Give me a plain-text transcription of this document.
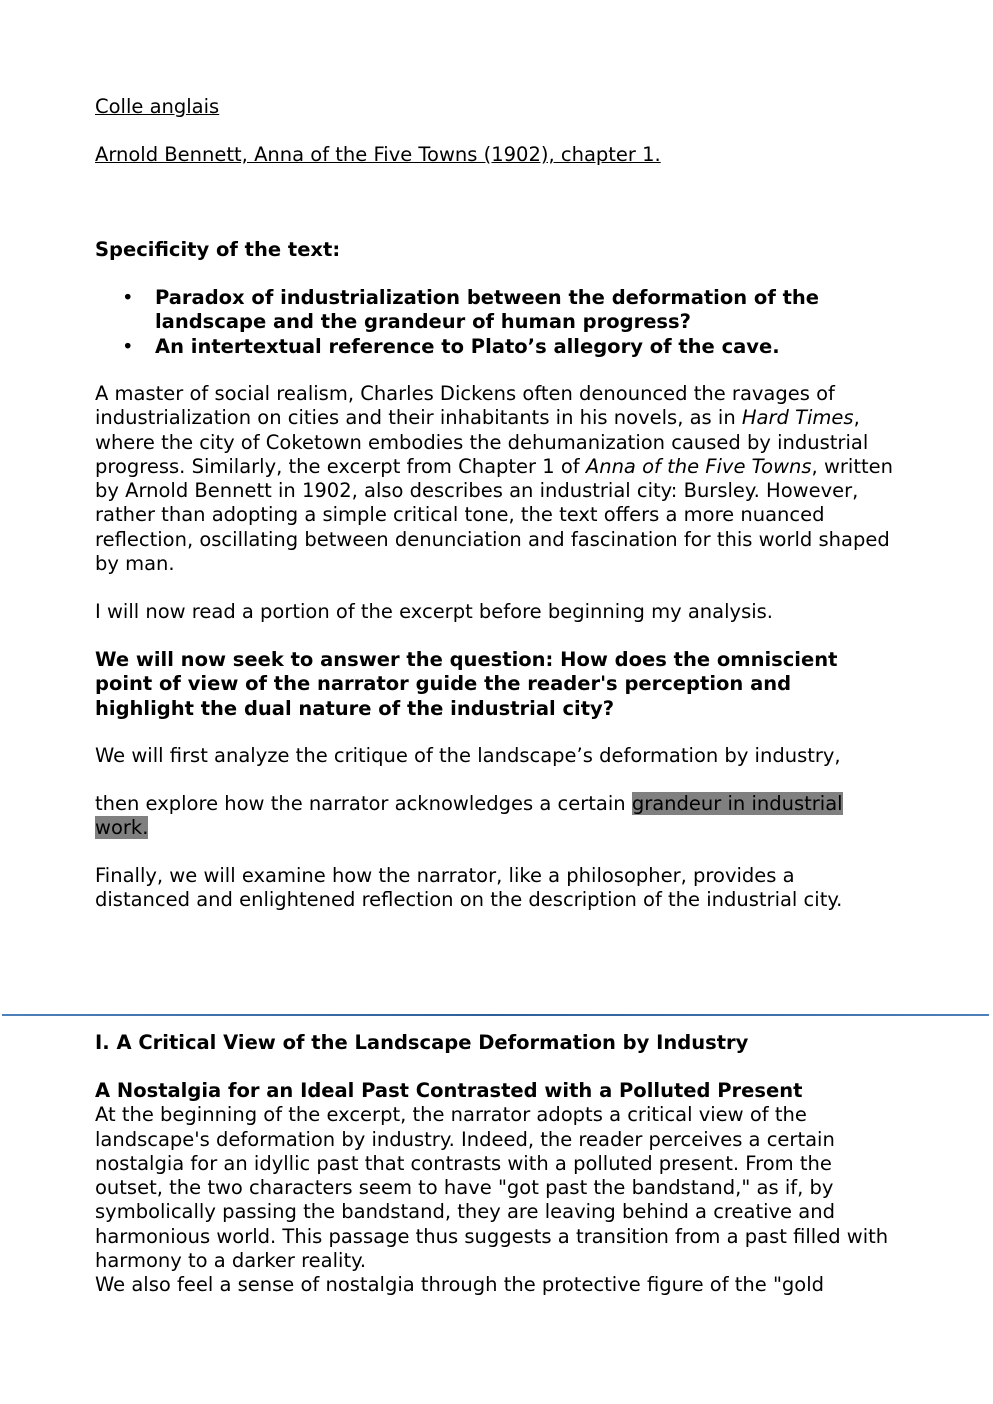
Colle anglais

Arnold Bennett, Anna of the Five Towns (1902), chapter 1.

Specificity of the text:

• Paradox of industrialization between the deformation of the landscape and the grandeur of human progress?
• An intertextual reference to Plato’s allegory of the cave.

A master of social realism, Charles Dickens often denounced the ravages of industrialization on cities and their inhabitants in his novels, as in Hard Times, where the city of Coketown embodies the dehumanization caused by industrial progress. Similarly, the excerpt from Chapter 1 of Anna of the Five Towns, written by Arnold Bennett in 1902, also describes an industrial city: Bursley. However, rather than adopting a simple critical tone, the text offers a more nuanced reflection, oscillating between denunciation and fascination for this world shaped by man.

I will now read a portion of the excerpt before beginning my analysis.

We will now seek to answer the question: How does the omniscient point of view of the narrator guide the reader's perception and highlight the dual nature of the industrial city?

We will first analyze the critique of the landscape’s deformation by industry,

then explore how the narrator acknowledges a certain grandeur in industrial work.

Finally, we will examine how the narrator, like a philosopher, provides a distanced and enlightened reflection on the description of the industrial city.

I. A Critical View of the Landscape Deformation by Industry

A Nostalgia for an Ideal Past Contrasted with a Polluted Present

At the beginning of the excerpt, the narrator adopts a critical view of the landscape's deformation by industry. Indeed, the reader perceives a certain nostalgia for an idyllic past that contrasts with a polluted present. From the outset, the two characters seem to have "got past the bandstand," as if, by symbolically passing the bandstand, they are leaving behind a creative and harmonious world. This passage thus suggests a transition from a past filled with harmony to a darker reality.

We also feel a sense of nostalgia through the protective figure of the "gold
